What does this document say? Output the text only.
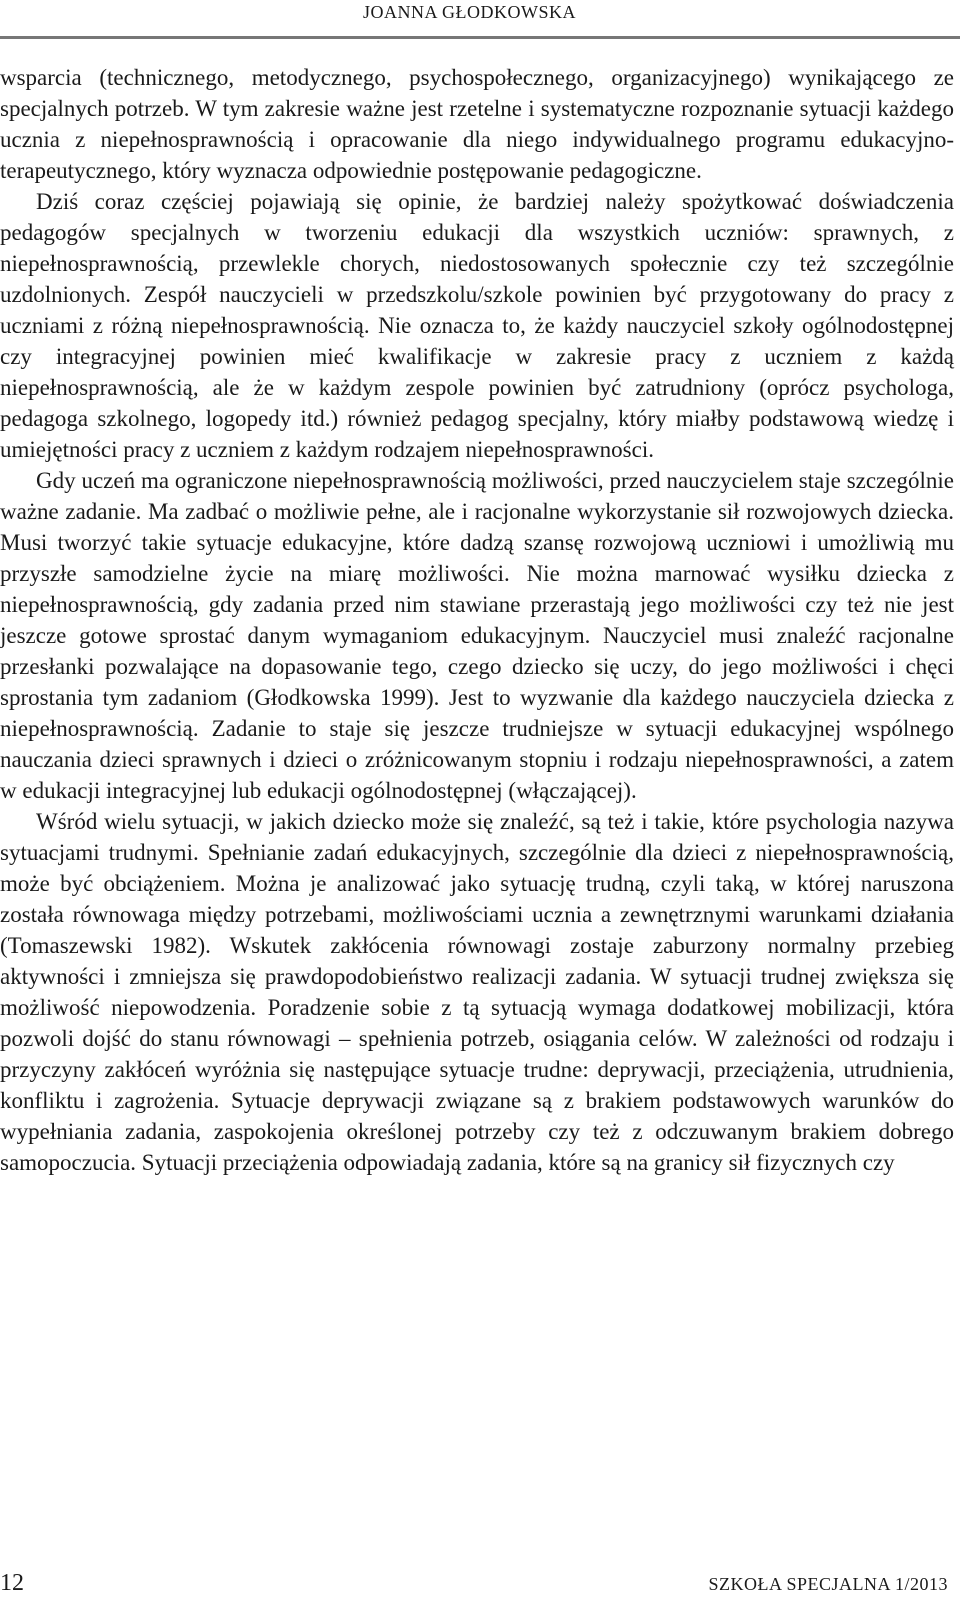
JOANNA GŁODKOWSKA

wsparcia (technicznego, metodycznego, psychospołecznego, organizacyjnego) wynikającego ze specjalnych potrzeb. W tym zakresie ważne jest rzetelne i systematyczne rozpoznanie sytuacji każdego ucznia z niepełnosprawnością i opracowanie dla niego indywidualnego programu edukacyjno-terapeutycznego, który wyznacza odpowiednie postępowanie pedagogiczne.

Dziś coraz częściej pojawiają się opinie, że bardziej należy spożytkować doświadczenia pedagogów specjalnych w tworzeniu edukacji dla wszystkich uczniów: sprawnych, z niepełnosprawnością, przewlekle chorych, niedostosowanych społecznie czy też szczególnie uzdolnionych. Zespół nauczycieli w przedszkolu/szkole powinien być przygotowany do pracy z uczniami z różną niepełnosprawnością. Nie oznacza to, że każdy nauczyciel szkoły ogólnodostępnej czy integracyjnej powinien mieć kwalifikacje w zakresie pracy z uczniem z każdą niepełnosprawnością, ale że w każdym zespole powinien być zatrudniony (oprócz psychologa, pedagoga szkolnego, logopedy itd.) również pedagog specjalny, który miałby podstawową wiedzę i umiejętności pracy z uczniem z każdym rodzajem niepełnosprawności.

Gdy uczeń ma ograniczone niepełnosprawnością możliwości, przed nauczycielem staje szczególnie ważne zadanie. Ma zadbać o możliwie pełne, ale i racjonalne wykorzystanie sił rozwojowych dziecka. Musi tworzyć takie sytuacje edukacyjne, które dadzą szansę rozwojową uczniowi i umożliwią mu przyszłe samodzielne życie na miarę możliwości. Nie można marnować wysiłku dziecka z niepełnosprawnością, gdy zadania przed nim stawiane przerastają jego możliwości czy też nie jest jeszcze gotowe sprostać danym wymaganiom edukacyjnym. Nauczyciel musi znaleźć racjonalne przesłanki pozwalające na dopasowanie tego, czego dziecko się uczy, do jego możliwości i chęci sprostania tym zadaniom (Głodkowska 1999). Jest to wyzwanie dla każdego nauczyciela dziecka z niepełnosprawnością. Zadanie to staje się jeszcze trudniejsze w sytuacji edukacyjnej wspólnego nauczania dzieci sprawnych i dzieci o zróżnicowanym stopniu i rodzaju niepełnosprawności, a zatem w edukacji integracyjnej lub edukacji ogólnodostępnej (włączającej).

Wśród wielu sytuacji, w jakich dziecko może się znaleźć, są też i takie, które psychologia nazywa sytuacjami trudnymi. Spełnianie zadań edukacyjnych, szczególnie dla dzieci z niepełnosprawnością, może być obciążeniem. Można je analizować jako sytuację trudną, czyli taką, w której naruszona została równowaga między potrzebami, możliwościami ucznia a zewnętrznymi warunkami działania (Tomaszewski 1982). Wskutek zakłócenia równowagi zostaje zaburzony normalny przebieg aktywności i zmniejsza się prawdopodobieństwo realizacji zadania. W sytuacji trudnej zwiększa się możliwość niepowodzenia. Poradzenie sobie z tą sytuacją wymaga dodatkowej mobilizacji, która pozwoli dojść do stanu równowagi – spełnienia potrzeb, osiągania celów. W zależności od rodzaju i przyczyny zakłóceń wyróżnia się następujące sytuacje trudne: deprywacji, przeciążenia, utrudnienia, konfliktu i zagrożenia. Sytuacje deprywacji związane są z brakiem podstawowych warunków do wypełniania zadania, zaspokojenia określonej potrzeby czy też z odczuwanym brakiem dobrego samopoczucia. Sytuacji przeciążenia odpowiadają zadania, które są na granicy sił fizycznych czy

12	SZKOŁA SPECJALNA 1/2013
